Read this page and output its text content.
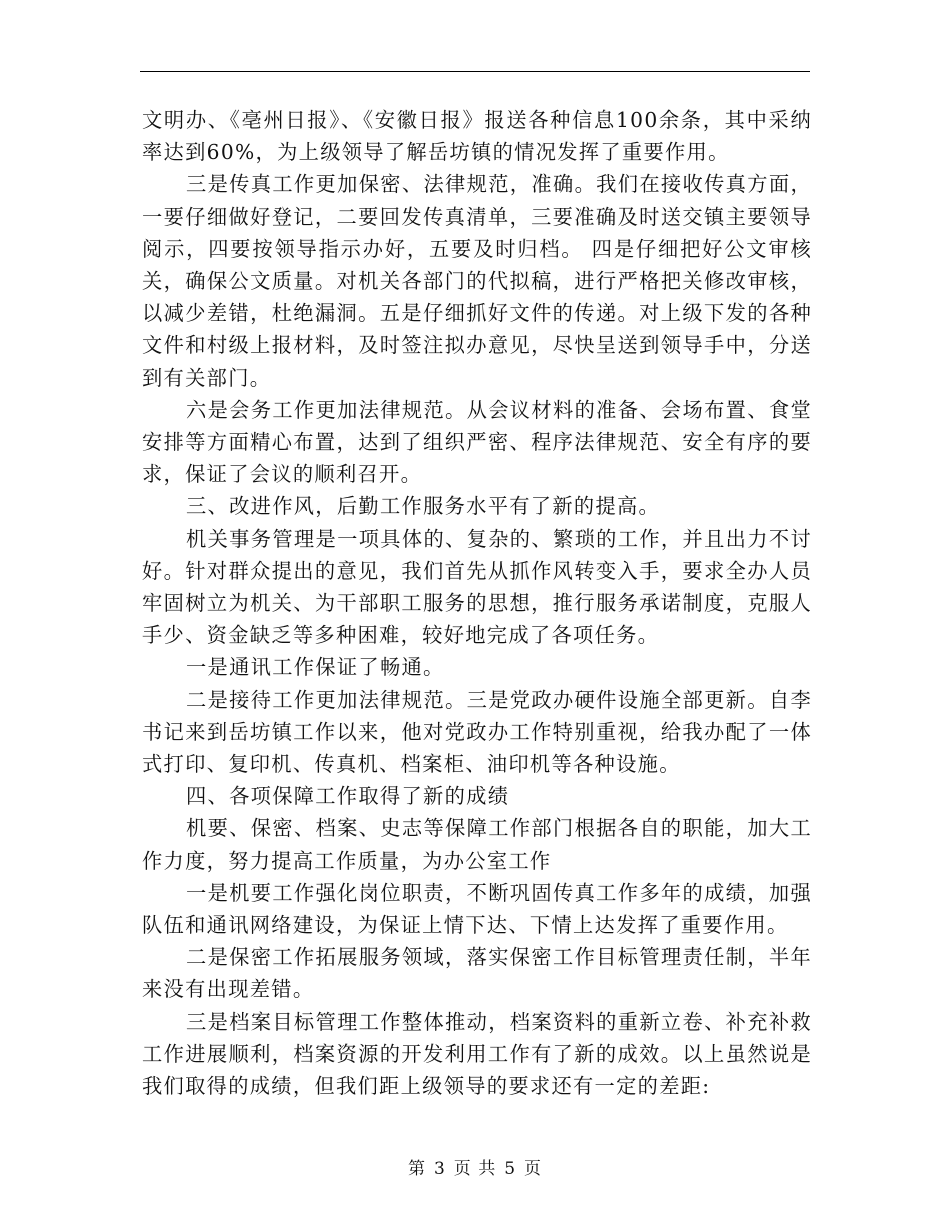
文明办、《亳州日报》、《安徽日报》报送各种信息100余条，其中采纳率达到60%，为上级领导了解岳坊镇的情况发挥了重要作用。

三是传真工作更加保密、法律规范，准确。我们在接收传真方面，一要仔细做好登记，二要回发传真清单，三要准确及时送交镇主要领导阅示，四要按领导指示办好，五要及时归档。 四是仔细把好公文审核关，确保公文质量。对机关各部门的代拟稿，进行严格把关修改审核，以减少差错，杜绝漏洞。五是仔细抓好文件的传递。对上级下发的各种文件和村级上报材料，及时签注拟办意见，尽快呈送到领导手中，分送到有关部门。

六是会务工作更加法律规范。从会议材料的准备、会场布置、食堂安排等方面精心布置，达到了组织严密、程序法律规范、安全有序的要求，保证了会议的顺利召开。

三、改进作风，后勤工作服务水平有了新的提高。

机关事务管理是一项具体的、复杂的、繁琐的工作，并且出力不讨好。针对群众提出的意见，我们首先从抓作风转变入手，要求全办人员牢固树立为机关、为干部职工服务的思想，推行服务承诺制度，克服人手少、资金缺乏等多种困难，较好地完成了各项任务。

一是通讯工作保证了畅通。

二是接待工作更加法律规范。三是党政办硬件设施全部更新。自李书记来到岳坊镇工作以来，他对党政办工作特别重视，给我办配了一体式打印、复印机、传真机、档案柜、油印机等各种设施。

四、各项保障工作取得了新的成绩

机要、保密、档案、史志等保障工作部门根据各自的职能，加大工作力度，努力提高工作质量，为办公室工作

一是机要工作强化岗位职责，不断巩固传真工作多年的成绩，加强队伍和通讯网络建设，为保证上情下达、下情上达发挥了重要作用。

二是保密工作拓展服务领域，落实保密工作目标管理责任制，半年来没有出现差错。

三是档案目标管理工作整体推动，档案资料的重新立卷、补充补救工作进展顺利，档案资源的开发利用工作有了新的成效。以上虽然说是我们取得的成绩，但我们距上级领导的要求还有一定的差距:

第 3 页 共 5 页
